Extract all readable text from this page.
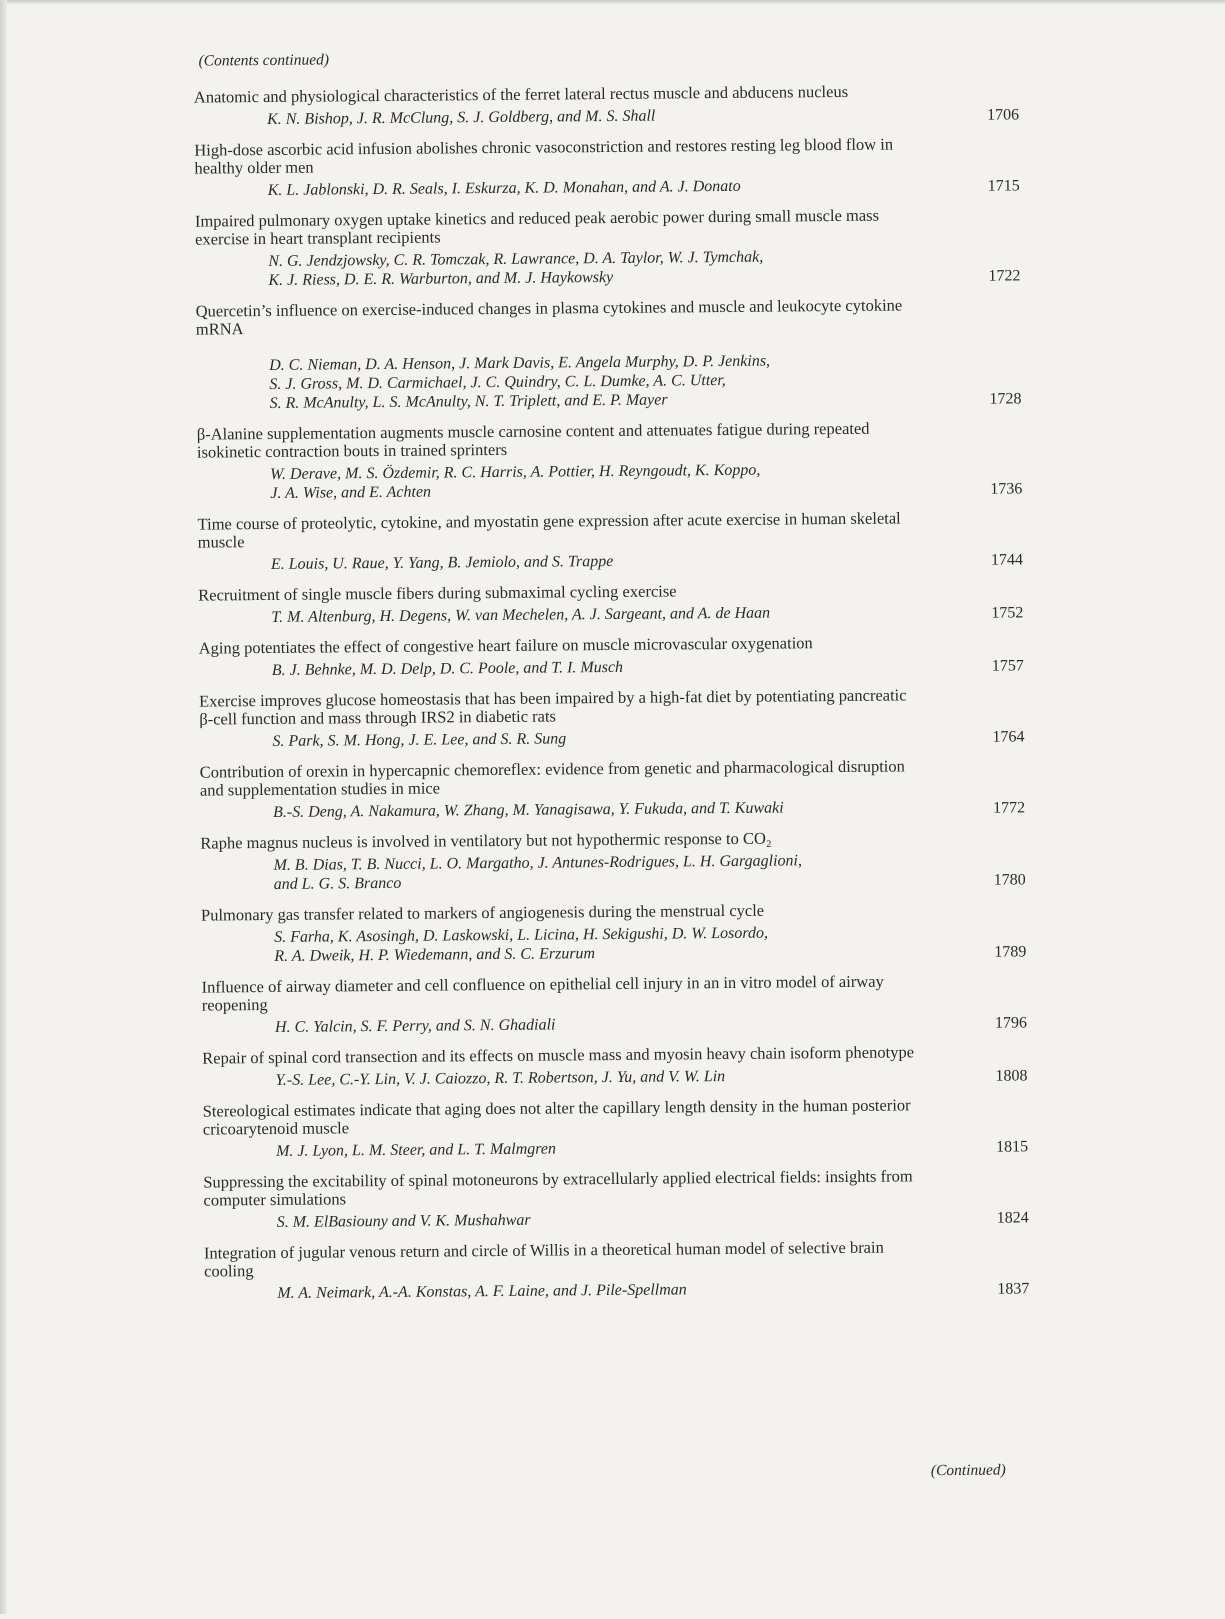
(Contents continued)
Anatomic and physiological characteristics of the ferret lateral rectus muscle and abducens nucleus
K. N. Bishop, J. R. McClung, S. J. Goldberg, and M. S. Shall	1706
High-dose ascorbic acid infusion abolishes chronic vasoconstriction and restores resting leg blood flow in healthy older men
K. L. Jablonski, D. R. Seals, I. Eskurza, K. D. Monahan, and A. J. Donato	1715
Impaired pulmonary oxygen uptake kinetics and reduced peak aerobic power during small muscle mass exercise in heart transplant recipients
N. G. Jendzjowsky, C. R. Tomczak, R. Lawrance, D. A. Taylor, W. J. Tymchak,
K. J. Riess, D. E. R. Warburton, and M. J. Haykowsky	1722
Quercetin’s influence on exercise-induced changes in plasma cytokines and muscle and leukocyte cytokine mRNA
D. C. Nieman, D. A. Henson, J. Mark Davis, E. Angela Murphy, D. P. Jenkins,
S. J. Gross, M. D. Carmichael, J. C. Quindry, C. L. Dumke, A. C. Utter,
S. R. McAnulty, L. S. McAnulty, N. T. Triplett, and E. P. Mayer	1728
β-Alanine supplementation augments muscle carnosine content and attenuates fatigue during repeated isokinetic contraction bouts in trained sprinters
W. Derave, M. S. Özdemir, R. C. Harris, A. Pottier, H. Reyngoudt, K. Koppo,
J. A. Wise, and E. Achten	1736
Time course of proteolytic, cytokine, and myostatin gene expression after acute exercise in human skeletal muscle
E. Louis, U. Raue, Y. Yang, B. Jemiolo, and S. Trappe	1744
Recruitment of single muscle fibers during submaximal cycling exercise
T. M. Altenburg, H. Degens, W. van Mechelen, A. J. Sargeant, and A. de Haan	1752
Aging potentiates the effect of congestive heart failure on muscle microvascular oxygenation
B. J. Behnke, M. D. Delp, D. C. Poole, and T. I. Musch	1757
Exercise improves glucose homeostasis that has been impaired by a high-fat diet by potentiating pancreatic β-cell function and mass through IRS2 in diabetic rats
S. Park, S. M. Hong, J. E. Lee, and S. R. Sung	1764
Contribution of orexin in hypercapnic chemoreflex: evidence from genetic and pharmacological disruption and supplementation studies in mice
B.-S. Deng, A. Nakamura, W. Zhang, M. Yanagisawa, Y. Fukuda, and T. Kuwaki	1772
Raphe magnus nucleus is involved in ventilatory but not hypothermic response to CO₂
M. B. Dias, T. B. Nucci, L. O. Margatho, J. Antunes-Rodrigues, L. H. Gargaglioni,
and L. G. S. Branco	1780
Pulmonary gas transfer related to markers of angiogenesis during the menstrual cycle
S. Farha, K. Asosingh, D. Laskowski, L. Licina, H. Sekigushi, D. W. Losordo,
R. A. Dweik, H. P. Wiedemann, and S. C. Erzurum	1789
Influence of airway diameter and cell confluence on epithelial cell injury in an in vitro model of airway reopening
H. C. Yalcin, S. F. Perry, and S. N. Ghadiali	1796
Repair of spinal cord transection and its effects on muscle mass and myosin heavy chain isoform phenotype
Y.-S. Lee, C.-Y. Lin, V. J. Caiozzo, R. T. Robertson, J. Yu, and V. W. Lin	1808
Stereological estimates indicate that aging does not alter the capillary length density in the human posterior cricoarytenoid muscle
M. J. Lyon, L. M. Steer, and L. T. Malmgren	1815
Suppressing the excitability of spinal motoneurons by extracellularly applied electrical fields: insights from computer simulations
S. M. ElBasiouny and V. K. Mushahwar	1824
Integration of jugular venous return and circle of Willis in a theoretical human model of selective brain cooling
M. A. Neimark, A.-A. Konstas, A. F. Laine, and J. Pile-Spellman	1837
(Continued)
